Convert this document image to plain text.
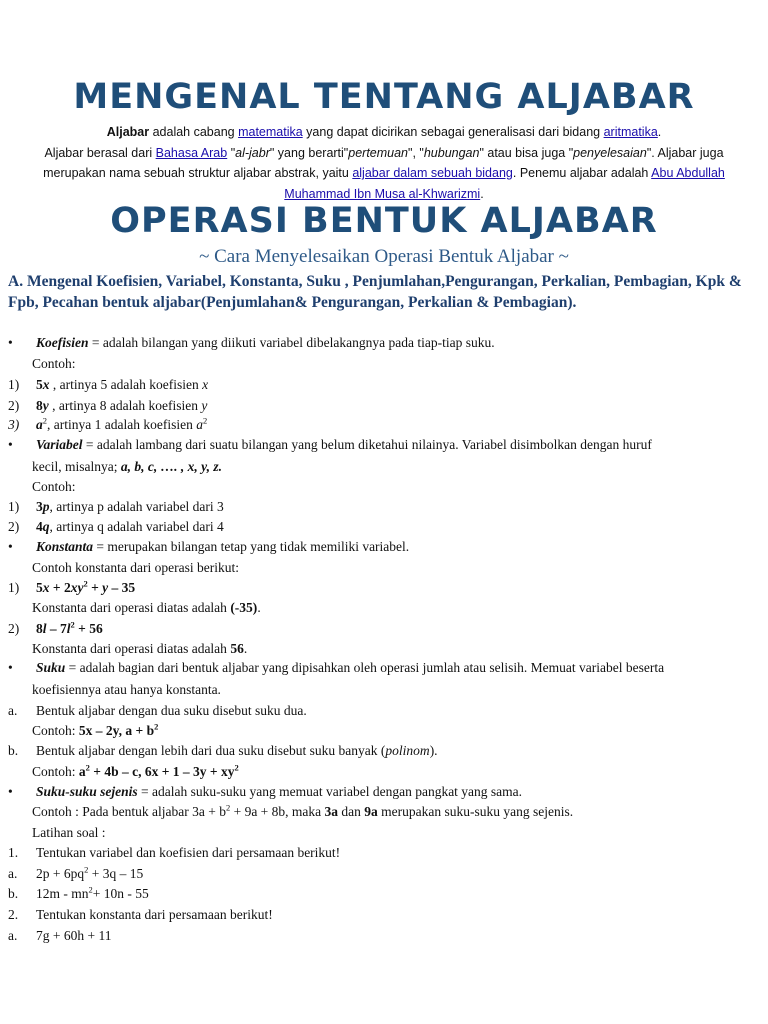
MENGENAL TENTANG ALJABAR

Aljabar adalah cabang matematika yang dapat dicirikan sebagai generalisasi dari bidang aritmatika.
Aljabar berasal dari Bahasa Arab "al-jabr" yang berarti"pertemuan", "hubungan" atau bisa juga "penyelesaian". Aljabar juga merupakan nama sebuah struktur aljabar abstrak, yaitu aljabar dalam sebuah bidang. Penemu aljabar adalah Abu Abdullah Muhammad Ibn Musa al-Khwarizmi.

OPERASI BENTUK ALJABAR

~ Cara Menyelesaikan Operasi Bentuk Aljabar ~

A. Mengenal Koefisien, Variabel, Konstanta, Suku , Penjumlahan,Pengurangan, Perkalian, Pembagian, Kpk & Fpb, Pecahan bentuk aljabar(Penjumlahan& Pengurangan, Perkalian & Pembagian).

• Koefisien = adalah bilangan yang diikuti variabel dibelakangnya pada tiap-tiap suku.
Contoh:
1) 5x , artinya 5 adalah koefisien x
2) 8y , artinya 8 adalah koefisien y
3) $a^2$, artinya 1 adalah koefisien $a^2$
• Variabel = adalah lambang dari suatu bilangan yang belum diketahui nilainya. Variabel disimbolkan dengan huruf
kecil, misalnya; a, b, c, …. , x, y, z.
Contoh:
1) 3p, artinya p adalah variabel dari 3
2) 4q, artinya q adalah variabel dari 4
• Konstanta = merupakan bilangan tetap yang tidak memiliki variabel.
Contoh konstanta dari operasi berikut:
1) $5x + 2xy^2 + y - 35$
Konstanta dari operasi diatas adalah (-35).
2) $8l - 7l^2 + 56$
Konstanta dari operasi diatas adalah 56.
• Suku = adalah bagian dari bentuk aljabar yang dipisahkan oleh operasi jumlah atau selisih. Memuat variabel beserta
koefisiennya atau hanya konstanta.
a. Bentuk aljabar dengan dua suku disebut suku dua.
Contoh: 5x – 2y, $a + b^2$
b. Bentuk aljabar dengan lebih dari dua suku disebut suku banyak (polinom).
Contoh: $a^2 + 4b - c$, $6x + 1 - 3y + xy^2$
• Suku-suku sejenis = adalah suku-suku yang memuat variabel dengan pangkat yang sama.
Contoh : Pada bentuk aljabar $3a + b^2 + 9a + 8b$, maka 3a dan 9a merupakan suku-suku yang sejenis.
Latihan soal :
1. Tentukan variabel dan koefisien dari persamaan berikut!
a. $2p + 6pq^2 + 3q - 15$
b. $12m - mn^2+ 10n - 55$
2. Tentukan konstanta dari persamaan berikut!
a. 7g + 60h + 11
